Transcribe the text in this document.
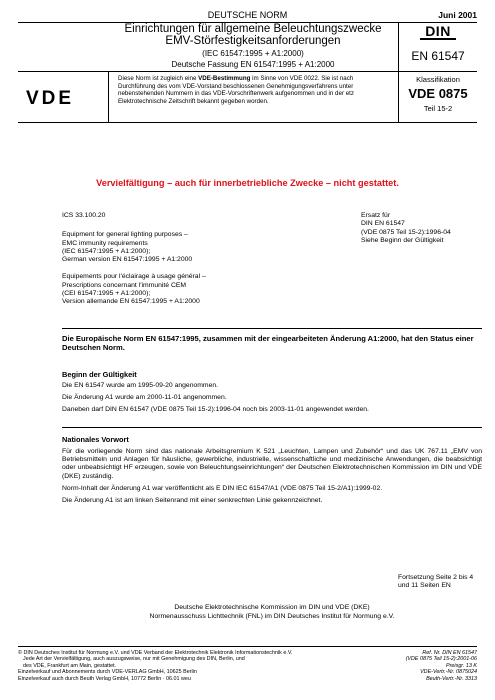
DEUTSCHE NORM	Juni 2001
Einrichtungen für allgemeine Beleuchtungszwecke
EMV-Störfestigkeitsanforderungen
(IEC 61547:1995 + A1:2000)
Deutsche Fassung EN 61547:1995 + A1:2000
DIN
EN 61547
VDE
Diese Norm ist zugleich eine VDE-Bestimmung im Sinne von VDE 0022. Sie ist nach Durchführung des vom VDE-Vorstand beschlossenen Genehmigungsverfahrens unter nebenstehenden Nummern in das VDE-Vorschriftenwerk aufgenommen und in der etz Elektrotechnische Zeitschrift bekannt gegeben worden.
Klassifikation
VDE 0875
Teil 15-2
Vervielfältigung – auch für innerbetriebliche Zwecke – nicht gestattet.
ICS 33.100.20
Equipment for general lighting purposes –
EMC immunity requirements
(IEC 61547:1995 + A1:2000);
German version EN 61547:1995 + A1:2000
Equipements pour l'éclairage à usage général –
Prescriptions concernant l'immunité CEM
(CEI 61547:1995 + A1:2000);
Version allemande EN 61547:1995 + A1:2000
Ersatz für
DIN EN 61547
(VDE 0875 Teil 15-2):1996-04
Siehe Beginn der Gültigkeit
Die Europäische Norm EN 61547:1995, zusammen mit der eingearbeiteten Änderung A1:2000, hat den Status einer Deutschen Norm.
Beginn der Gültigkeit
Die EN 61547 wurde am 1995-09-20 angenommen.
Die Änderung A1 wurde am 2000-11-01 angenommen.
Daneben darf DIN EN 61547 (VDE 0875 Teil 15-2):1996-04 noch bis 2003-11-01 angewendet werden.
Nationales Vorwort
Für die vorliegende Norm sind das nationale Arbeitsgremium K 521 „Leuchten, Lampen und Zubehör“ und das UK 767.11 „EMV von Betriebsmitteln und Anlagen für häusliche, gewerbliche, industrielle, wissenschaftliche und medizinische Anwendungen, die beabsichtigt oder unbeabsichtigt HF erzeugen, sowie von Beleuchtungseinrichtungen“ der Deutschen Elektrotechnischen Kommission im DIN und VDE (DKE) zuständig.
Norm-Inhalt der Änderung A1 war veröffentlicht als E DIN IEC 61547/A1 (VDE 0875 Teil 15-2/A1):1999-02.
Die Änderung A1 ist am linken Seitenrand mit einer senkrechten Linie gekennzeichnet.
Fortsetzung Seite 2 bis 4
und 11 Seiten EN
Deutsche Elektrotechnische Kommission im DIN und VDE (DKE)
Normenausschuss Lichttechnik (FNL) im DIN Deutsches Institut für Normung e.V.
© DIN Deutsches Institut für Normung e.V. und VDE Verband der Elektrotechnik Elektronik Informationstechnik e.V.
Jede Art der Vervielfältigung, auch auszugsweise, nur mit Genehmigung des DIN, Berlin, und
des VDE, Frankfurt am Main, gestattet.
Einzelverkauf und Abonnements durch VDE-VERLAG GmbH, 10625 Berlin
Einzelverkauf auch durch Beuth Verlag GmbH, 10772 Berlin · 06.01 weu
Ref. Nr. DIN EN 61547
(VDE 0875 Teil 15-2):2001-06
Preisgr. 13 K
VDE-Vertr.-Nr. 0875024
Beuth-Vertr.-Nr. 3313
